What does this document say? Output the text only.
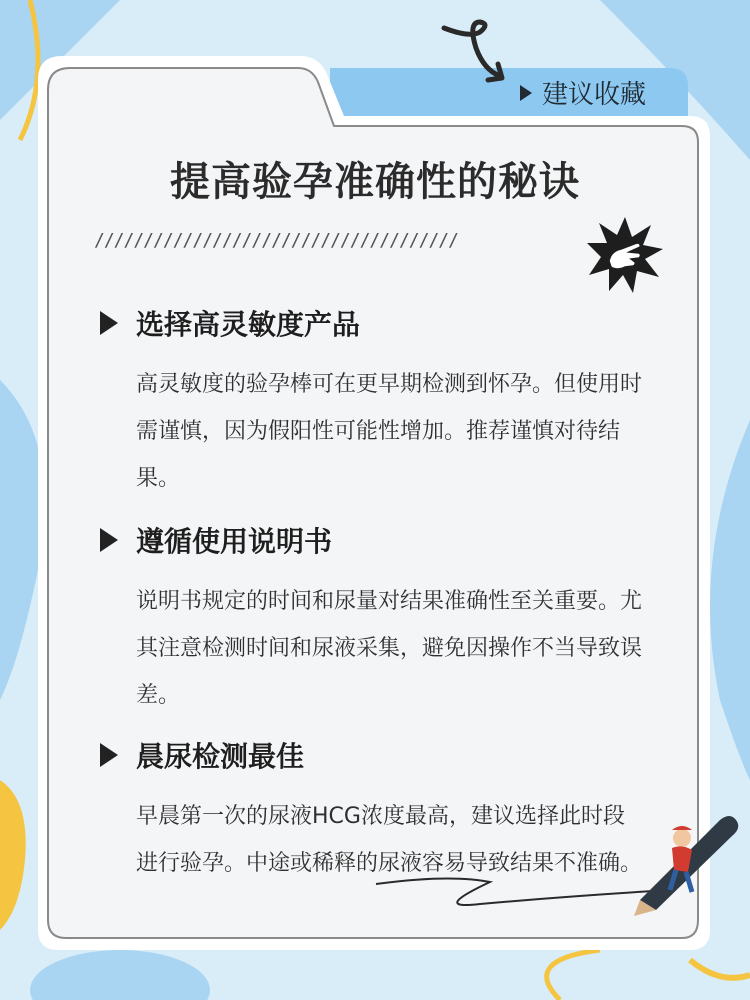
建议收藏
提高验孕准确性的秘诀
/////////////////////////////////////
选择高灵敏度产品
高灵敏度的验孕棒可在更早期检测到怀孕。但使用时需谨慎，因为假阳性可能性增加。推荐谨慎对待结果。
遵循使用说明书
说明书规定的时间和尿量对结果准确性至关重要。尤其注意检测时间和尿液采集，避免因操作不当导致误差。
晨尿检测最佳
早晨第一次的尿液HCG浓度最高，建议选择此时段进行验孕。中途或稀释的尿液容易导致结果不准确。
